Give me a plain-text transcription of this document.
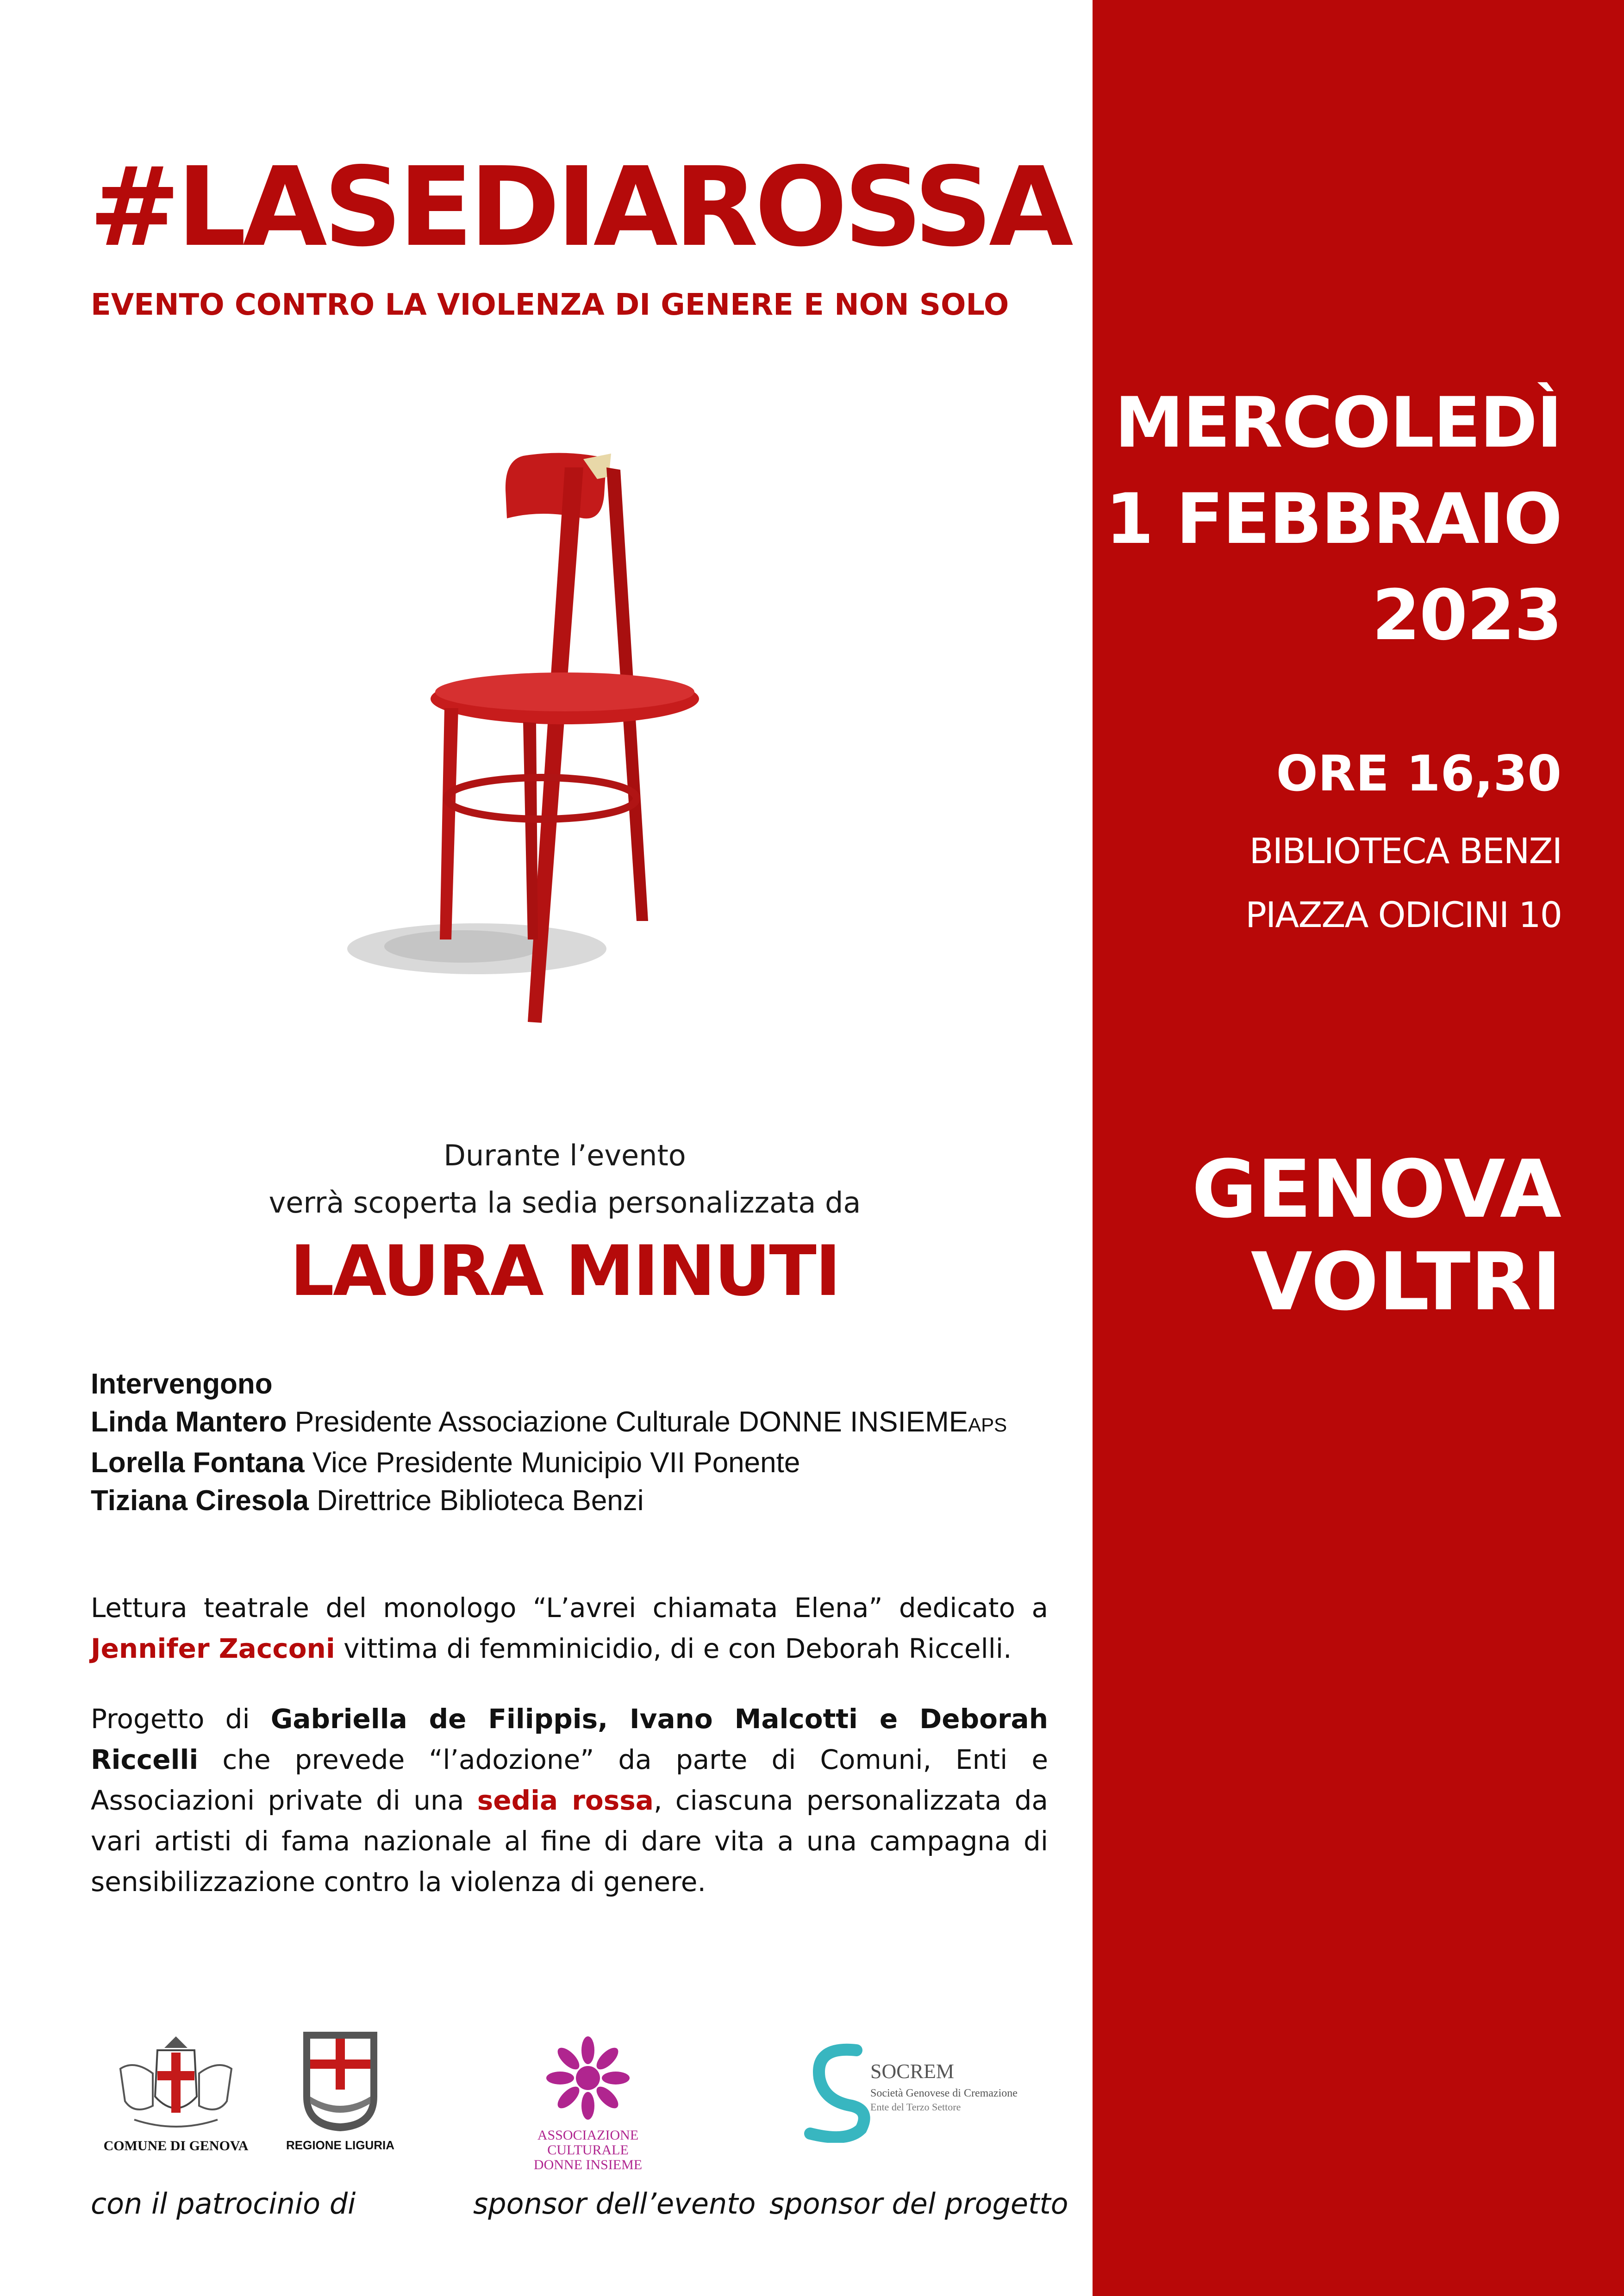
#LASEDIAROSSA
EVENTO CONTRO LA VIOLENZA DI GENERE E NON SOLO
Durante l’evento
verrà scoperta la sedia personalizzata da
LAURA MINUTI
Intervengono
Linda Mantero Presidente Associazione Culturale DONNE INSIEMEAPS
Lorella Fontana Vice Presidente Municipio VII Ponente
Tiziana Ciresola Direttrice Biblioteca Benzi
Lettura teatrale del monologo “L’avrei chiamata Elena” dedicato a Jennifer Zacconi vittima di femminicidio, di e con Deborah Riccelli.
Progetto di Gabriella de Filippis, Ivano Malcotti e Deborah Riccelli che prevede “l’adozione” da parte di Comuni, Enti e Associazioni private di una sedia rossa, ciascuna personalizzata da vari artisti di fama nazionale al fine di dare vita a una campagna di sensibilizzazione contro la violenza di genere.
COMUNE DI GENOVA	REGIONE LIGURIA
ASSOCIAZIONE
CULTURALE
DONNE INSIEME
SOCREM
Società Genovese di Cremazione
Ente del Terzo Settore
con il patrocinio di	sponsor dell’evento sponsor del progetto
MERCOLEDÌ
1 FEBBRAIO
2023
ORE 16,30
BIBLIOTECA BENZI
PIAZZA ODICINI 10
GENOVA
VOLTRI
